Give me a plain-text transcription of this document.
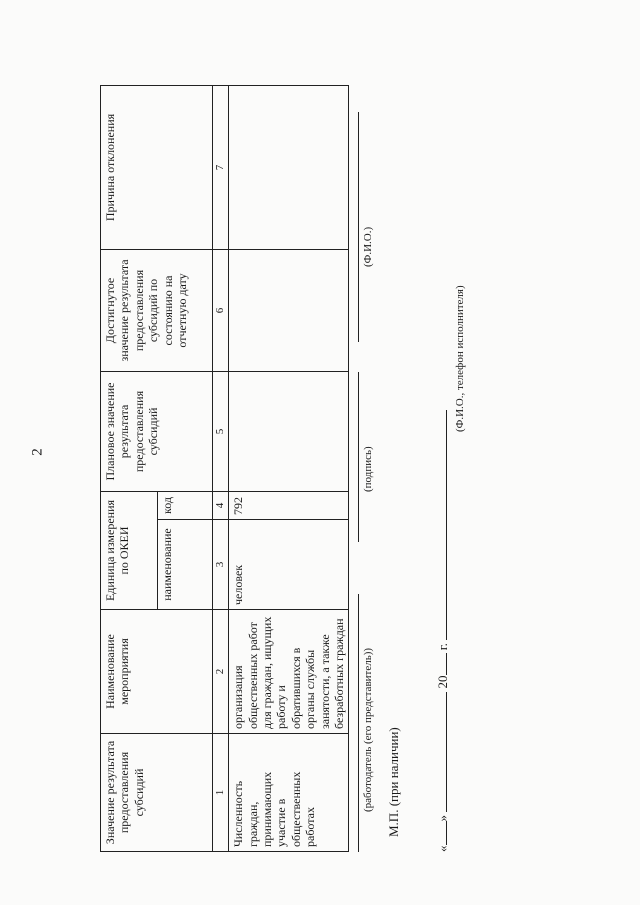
2
Значение результата предоставления субсидий	Наименование мероприятия	Единица измерения по ОКЕИ		Плановое значение результата предоставления субсидий	Достигнутое значение результата предоставления субсидий по состоянию на отчетную дату	Причина отклонения
		наименование	код			
1	2	3	4	5	6	7
Численность граждан, принимающих участие в общественных работах	организация общественных работ для граждан, ищущих работу и обратившихся в органы службы занятости, а также безработных граждан	человек	792			
(работодатель (его представитель))
(подпись)
(Ф.И.О.)
М.П. (при наличии)
«»  20 г.
(Ф.И.О., телефон исполнителя)
